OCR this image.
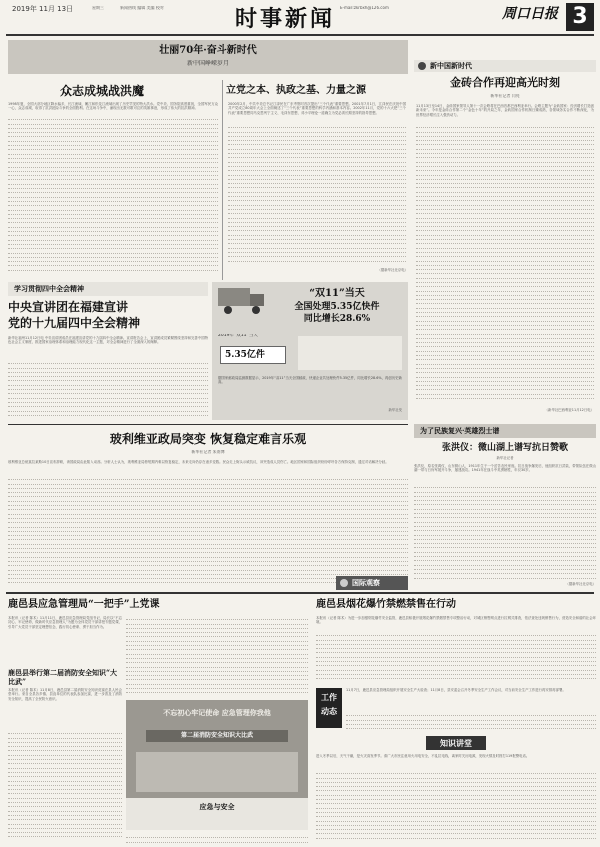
2019年 11月 13日	星期三	新闻热线 编辑 美编 校对	时事新闻	E-mail:zkrbxh@126.com	周口日报 3
壮丽70年·奋斗新时代
新中国峥嵘岁月
众志成城战洪魔
1998年夏，全国大部分地区降水偏多，长江流域、嫩江和松花江流域出现了历史罕见的特大洪水。党中央、国务院高度重视，全国军民万众一心，众志成城，取得了抗洪抢险斗争的全面胜利。在这场斗争中，涌现出无数可歌可泣的英雄事迹，形成了伟大的抗洪精神。
立党之本、执政之基、力量之源
2000年2月，中共中央总书记江泽民在广东考察时首次提出“三个代表”重要思想。2001年7月1日，江泽民在庆祝中国共产党成立80周年大会上全面阐述了“三个代表”重要思想的科学内涵和基本内容。2002年11月，党的十六大把“三个代表”重要思想同马克思列宁主义、毛泽东思想、邓小平理论一道确立为党必须长期坚持的指导思想。
（据新华社北京电）
新中国新时代
金砖合作再迎高光时刻
新华社记者 闫亮
11月13日至14日，金砖国家领导人第十一次会晤将在巴西首都巴西利亚举行。会晤主题为“金砖国家：经济增长打造创新未来”。今年是金砖合作第二个“金色十年”的开局之年，金砖国家合作机制日臻成熟，各领域务实合作不断深化，为世界经济增长注入强劲动力。
（新华社巴西利亚11月12日电）
学习贯彻四中全会精神
中央宣讲团在福建宣讲
党的十九届四中全会精神
新华社福州11月12日电 中央宣讲团成员在福建宣讲党的十九届四中全会精神。宣讲报告会上，宣讲团成员紧紧围绕坚持和完善中国特色社会主义制度、推进国家治理体系和治理能力现代化这一主题，对全会精神进行了全面深入的阐释。
“双11”当天
全国处理5.35亿快件
同比增长28.6%
2019年“双11”当天
5.35亿件
据国家邮政局监测数据显示，2019年“双11”当天全国邮政、快递企业共处理快件5.35亿件，同比增长28.6%，再创历史新高。
新华社发
玻利维亚政局突变 恢复稳定难言乐观
新华社记者 朱南博
玻利维亚总统莫拉莱斯10日宣布辞职，该国政局由此陷入动荡。分析人士认为，玻利维亚局势短期内难以恢复稳定，未来走向仍存在诸多变数。民众走上街头示威抗议，冲突造成人员伤亡。地区国家和国际组织纷纷呼吁各方保持克制，通过对话解决分歧。
国际观察
为了民族复兴·英雄烈士谱
张洪仪：微山湖上谱写抗日赞歌
新华社记者
张洪仪，原名张鸿仪，山东微山人，1911年生于一个贫苦农民家庭。抗日战争爆发后，他组织抗日武装，带领队伍在微山湖一带与日伪军展开斗争，屡建战功。1941年在战斗中英勇牺牲，年仅30岁。
（据新华社北京电）
鹿邑县应急管理局“一把手”上党课
本报讯（记者 陈术）11月11日，鹿邑县应急管理局党组书记、局长以“不忘初心、牢记使命，做新时代应急管理人”为题为全体党员干部讲授专题党课，引导广大党员干部坚定理想信念、践行初心使命、勇于担当作为。
鹿邑县举行第二届消防安全知识“大比武”
本报讯（记者 陈术）11月8日，鹿邑县第二届消防安全知识竞赛在县人民会堂举行。来自全县各乡镇、县直单位的代表队参加比赛，进一步普及了消防安全知识，提高了全民防火意识。
不忘初心牢记使命 应急管理你我他
第二届消防安全知识大比武
应急与安全
鹿邑县烟花爆竹禁燃禁售在行动
本报讯（记者 陈术）为进一步加强烟花爆竹安全监管，鹿邑县积极开展烟花爆竹禁燃禁售专项整治行动，对城区销售网点进行拉网式排查，依法查处违规销售行为，营造安全和谐的社会环境。
工作
动态
11月7日，鹿邑县应急管理局组织开展安全生产大检查；11月8日，县安委会召开冬季安全生产工作会议，对当前安全生产工作进行再安排再部署。
知识讲堂
进入冬季以后，天气干燥，是火灾高发季节。请广大市民注意用火用电安全，不乱拉电线，离家时关闭电源，发现火情及时拨打119报警电话。
